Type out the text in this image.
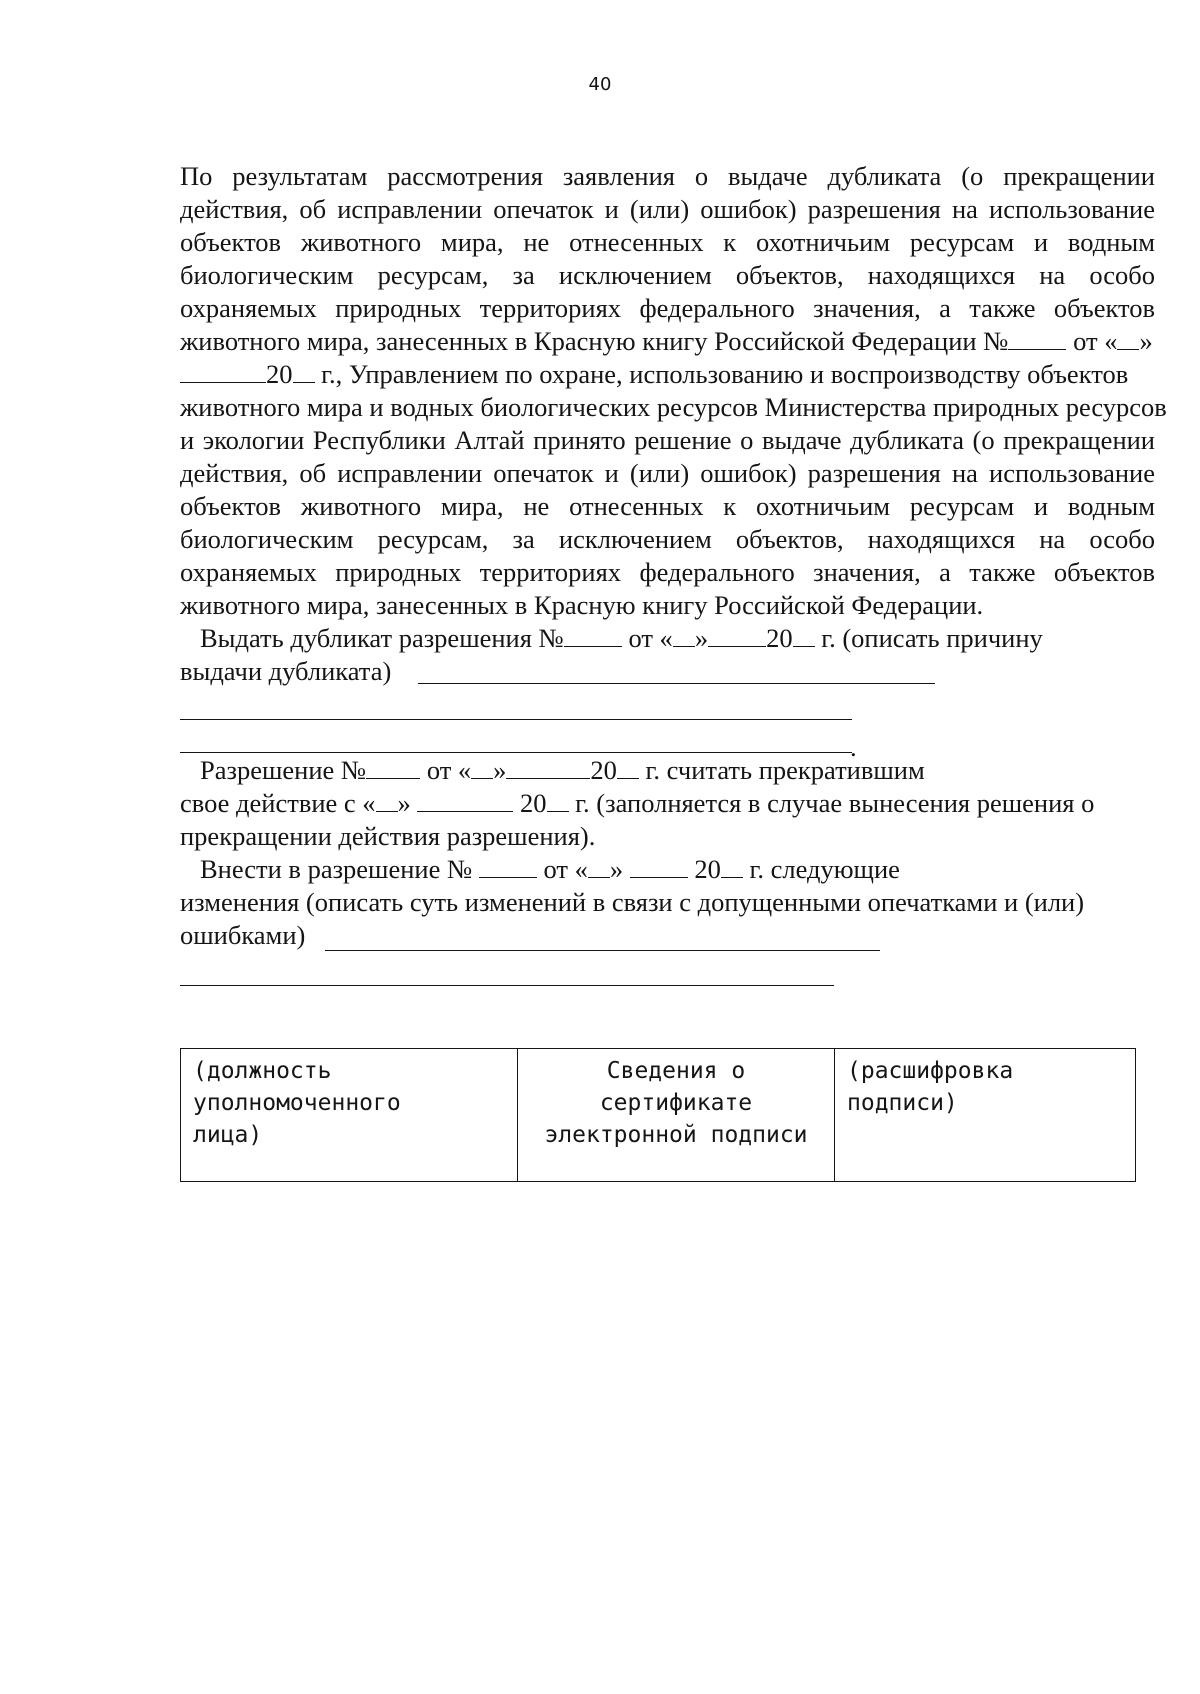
40
По результатам рассмотрения заявления о выдаче дубликата (о прекращении
действия, об исправлении опечаток и (или) ошибок) разрешения на использование
объектов животного мира, не отнесенных к охотничьим ресурсам и водным
биологическим ресурсам, за исключением объектов, находящихся на особо
охраняемых природных территориях федерального значения, а также объектов
животного мира, занесенных в Красную книгу Российской Федерации № от « »
20 г., Управлением по охране, использованию и воспроизводству объектов
животного мира и водных биологических ресурсов Министерства природных ресурсов
и экологии Республики Алтай принято решение о выдаче дубликата (о прекращении
действия, об исправлении опечаток и (или) ошибок) разрешения на использование
объектов животного мира, не отнесенных к охотничьим ресурсам и водным
биологическим ресурсам, за исключением объектов, находящихся на особо
охраняемых природных территориях федерального значения, а также объектов
животного мира, занесенных в Красную книгу Российской Федерации.
Выдать дубликат разрешения № от « » 20 г. (описать причину
выдачи дубликата)

Разрешение № от « »	20 г. считать прекратившим
свое действие с « »	20 г. (заполняется в случае вынесения решения о
прекращении действия разрешения).
Внести в разрешение №	от « »	20 г. следующие
изменения (описать суть изменений в связи с допущенными опечатками и (или)
ошибками)
.
(должность
уполномоченного
лица)

Сведения о
сертификате
электронной подписи

(расшифровка
подписи)
